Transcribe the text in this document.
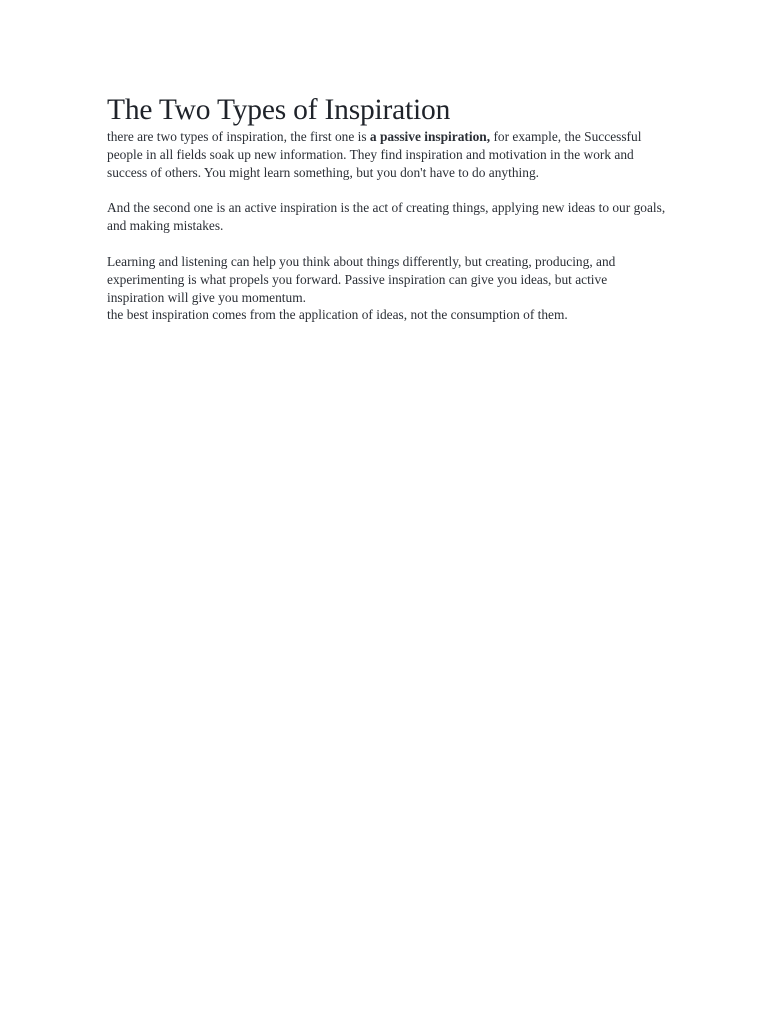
The Two Types of Inspiration

there are two types of inspiration, the first one is a passive inspiration, for example, the Successful people in all fields soak up new information. They find inspiration and motivation in the work and success of others. You might learn something, but you don't have to do anything.

And the second one is an active inspiration is the act of creating things, applying new ideas to our goals, and making mistakes.

Learning and listening can help you think about things differently, but creating, producing, and experimenting is what propels you forward. Passive inspiration can give you ideas, but active inspiration will give you momentum.
the best inspiration comes from the application of ideas, not the consumption of them.
